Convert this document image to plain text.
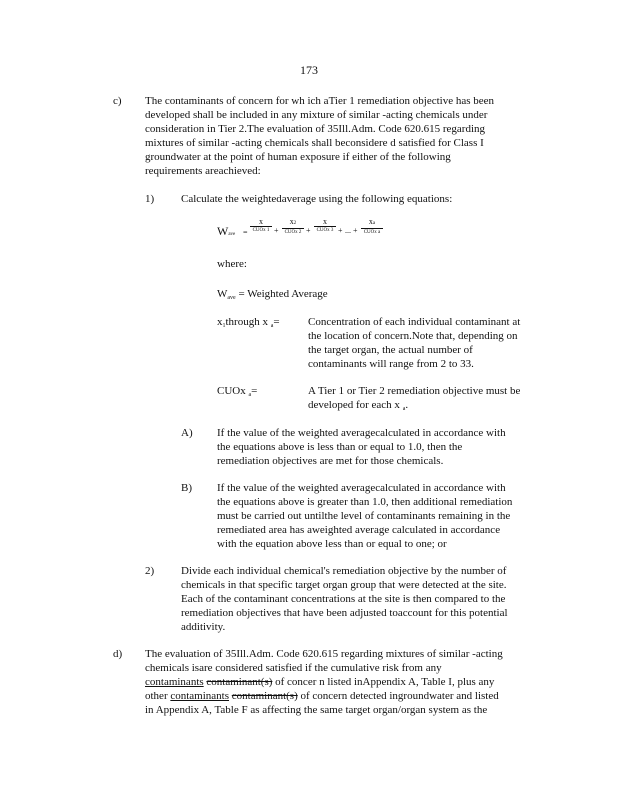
173
c) The contaminants of concern for wh ich aTier 1 remediation objective has been
developed shall be included in any mixture of similar -acting chemicals under
consideration in Tier 2.The evaluation of 35Ill.Adm. Code 620.615 regarding
mixtures of similar -acting chemicals shall beconsidere d satisfied for Class I
groundwater at the point of human exposure if either of the following
requirements areachieved:
1) Calculate the weightedaverage using the following equations:
Wave =
x
CUOx 1 +
x2
CUOx 2 +
x
CUOx 3 + ... +
xa
CUOx a
where:
$W_{ave}$ = Weighted Average
$x_1through$ x $_a$=	Concentration of each individual contaminant at
the location of concern.Note that, depending on
the target organ, the actual number of
contaminants will range from 2 to 33.
CUOx $_a$=	A Tier 1 or Tier 2 remediation objective must be
developed for each x $_a$.
A) If the value of the weighted averagecalculated in accordance with
the equations above is less than or equal to 1.0, then the
remediation objectives are met for those chemicals.
B) If the value of the weighted averagecalculated in accordance with
the equations above is greater than 1.0, then additional remediation
must be carried out untilthe level of contaminants remaining in the
remediated area has aweighted average calculated in accordance
with the equation above less than or equal to one; or
2) Divide each individual chemical's remediation objective by the number of
chemicals in that specific target organ group that were detected at the site.
Each of the contaminant concentrations at the site is then compared to the
remediation objectives that have been adjusted toaccount for this potential
additivity.
d) The evaluation of 35Ill.Adm. Code 620.615 regarding mixtures of similar -acting
chemicals isare considered satisfied if the cumulative risk from any
contaminants contaminant(s) of concer n listed inAppendix A, Table I, plus any
other contaminants contaminant(s) of concern detected ingroundwater and listed
in Appendix A, Table F as affecting the same target organ/organ system as the
